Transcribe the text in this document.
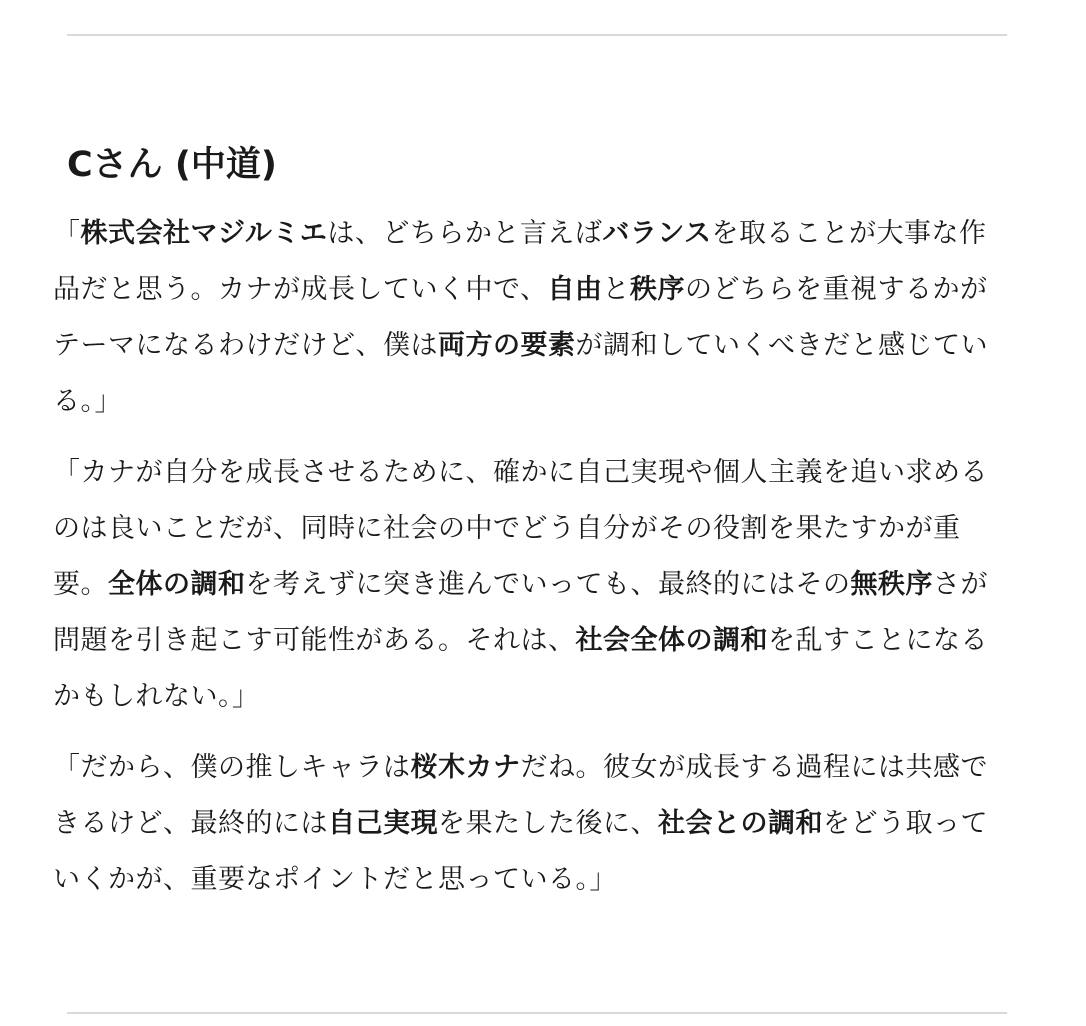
Cさん (中道)

「株式会社マジルミエは、どちらかと言えばバランスを取ることが大事な作品だと思う。カナが成長していく中で、自由と秩序のどちらを重視するかがテーマになるわけだけど、僕は両方の要素が調和していくべきだと感じている。」

「カナが自分を成長させるために、確かに自己実現や個人主義を追い求めるのは良いことだが、同時に社会の中でどう自分がその役割を果たすかが重要。全体の調和を考えずに突き進んでいっても、最終的にはその無秩序さが問題を引き起こす可能性がある。それは、社会全体の調和を乱すことになるかもしれない。」

「だから、僕の推しキャラは桜木カナだね。彼女が成長する過程には共感できるけど、最終的には自己実現を果たした後に、社会との調和をどう取っていくかが、重要なポイントだと思っている。」
